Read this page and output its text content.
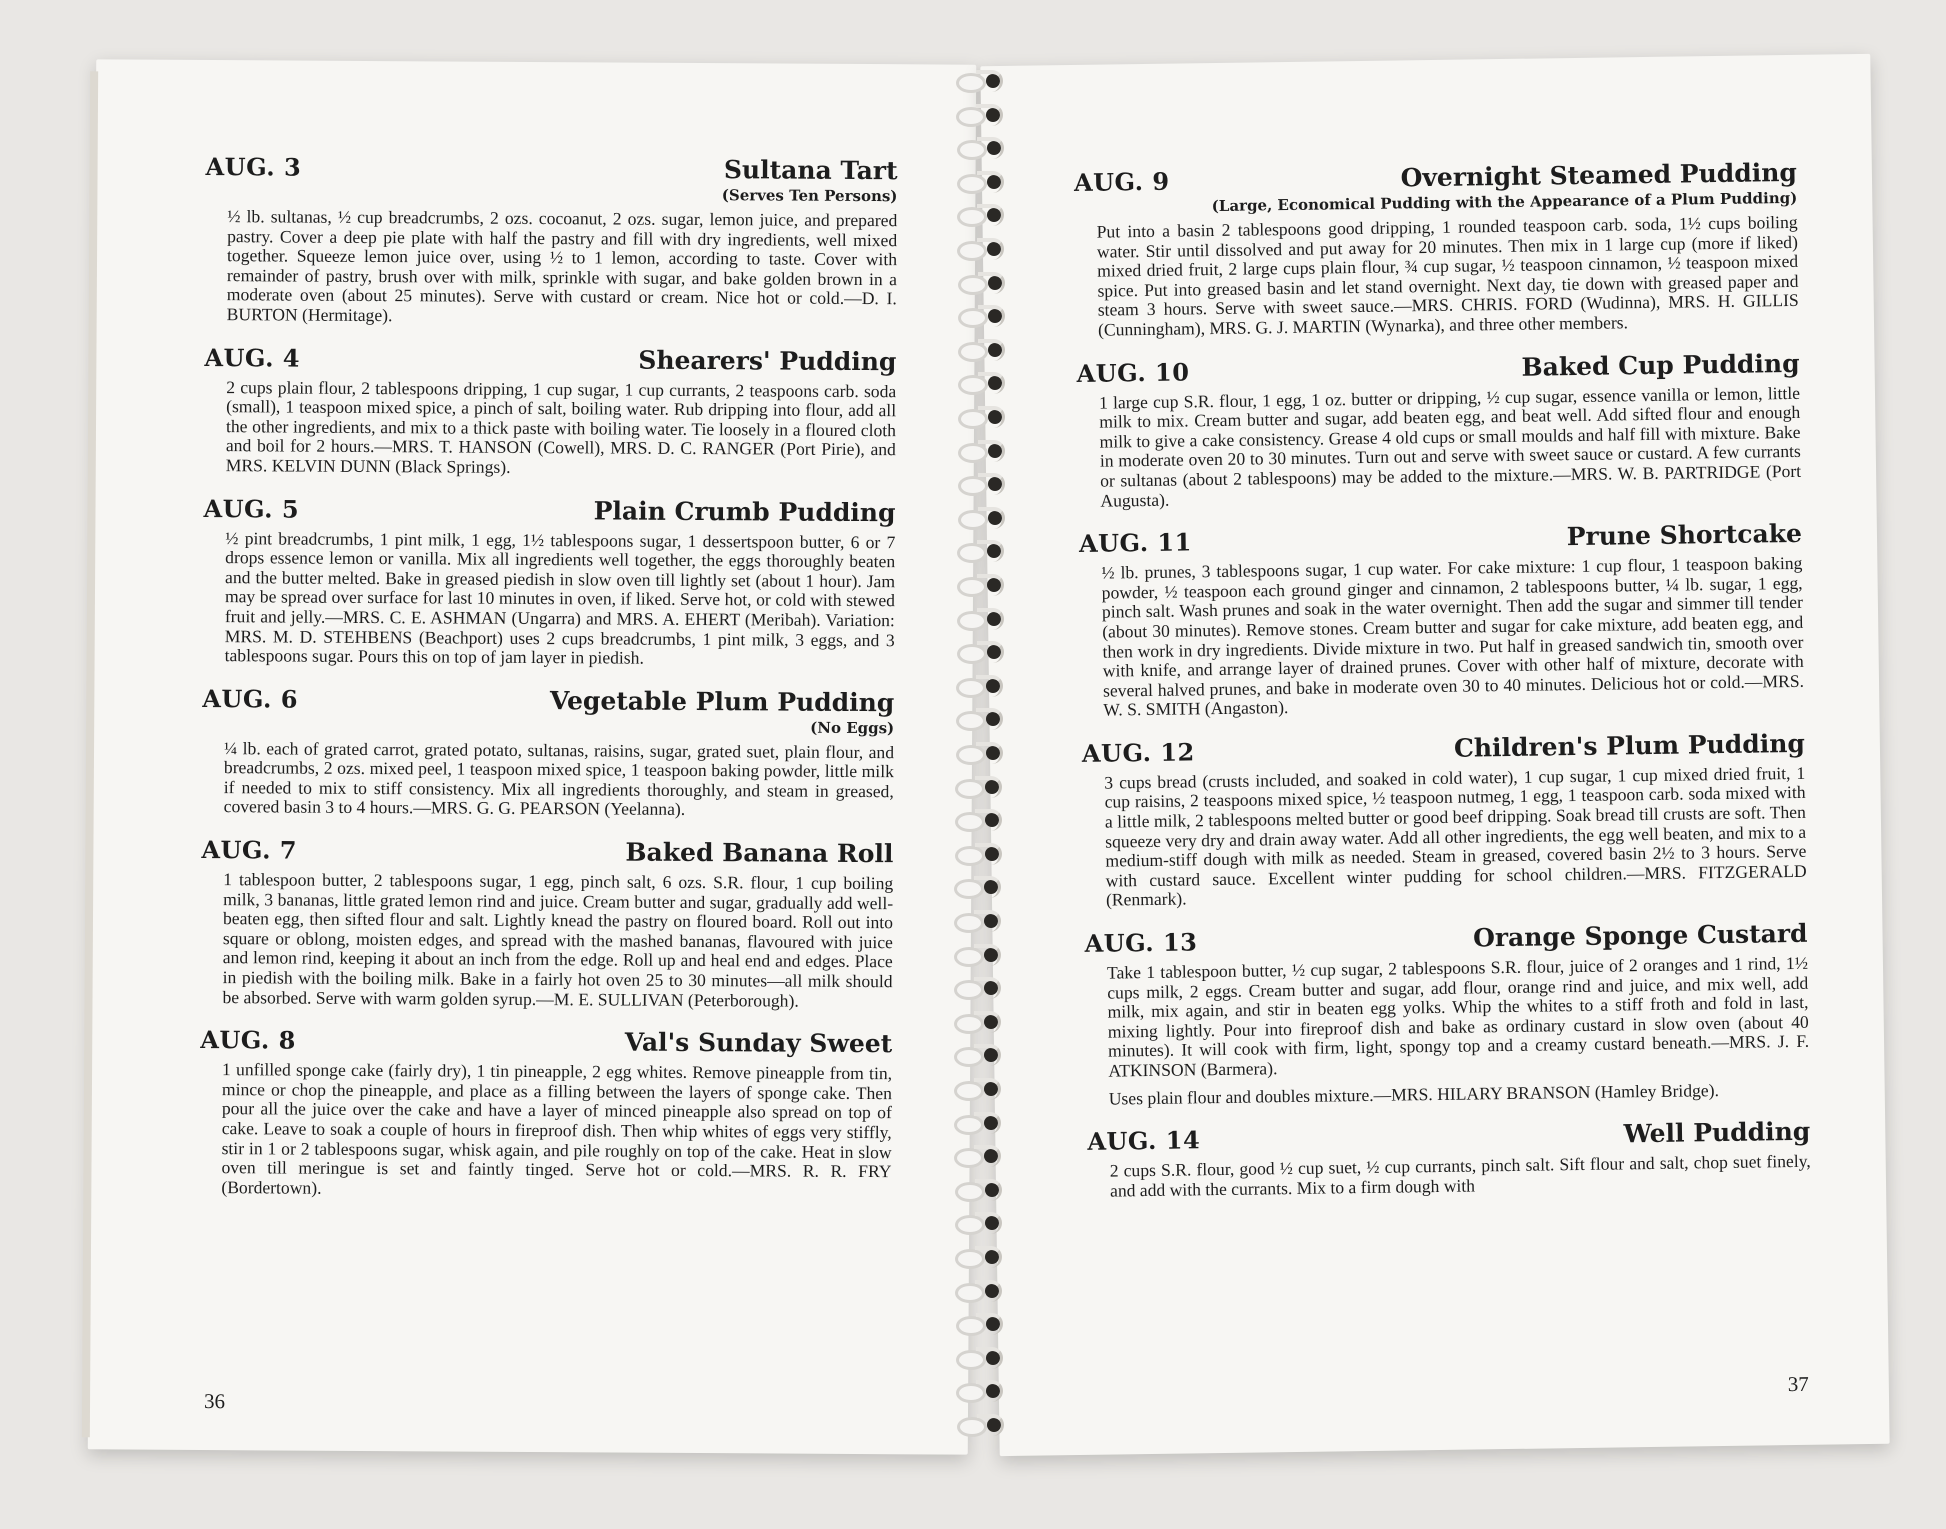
AUG. 3	Sultana Tart
(Serves Ten Persons)
½ lb. sultanas, ½ cup breadcrumbs, 2 ozs. cocoanut, 2 ozs. sugar, lemon juice, and prepared pastry. Cover a deep pie plate with half the pastry and fill with dry ingredients, well mixed together. Squeeze lemon juice over, using ½ to 1 lemon, according to taste. Cover with remainder of pastry, brush over with milk, sprinkle with sugar, and bake golden brown in a moderate oven (about 25 minutes). Serve with custard or cream. Nice hot or cold.—D. I. BURTON (Hermitage).
AUG. 4	Shearers' Pudding
2 cups plain flour, 2 tablespoons dripping, 1 cup sugar, 1 cup currants, 2 teaspoons carb. soda (small), 1 teaspoon mixed spice, a pinch of salt, boiling water. Rub dripping into flour, add all the other ingredients, and mix to a thick paste with boiling water. Tie loosely in a floured cloth and boil for 2 hours.—MRS. T. HANSON (Cowell), MRS. D. C. RANGER (Port Pirie), and MRS. KELVIN DUNN (Black Springs).
AUG. 5	Plain Crumb Pudding
½ pint breadcrumbs, 1 pint milk, 1 egg, 1½ tablespoons sugar, 1 dessertspoon butter, 6 or 7 drops essence lemon or vanilla. Mix all ingredients well together, the eggs thoroughly beaten and the butter melted. Bake in greased piedish in slow oven till lightly set (about 1 hour). Jam may be spread over surface for last 10 minutes in oven, if liked. Serve hot, or cold with stewed fruit and jelly.—MRS. C. E. ASHMAN (Ungarra) and MRS. A. EHERT (Meribah). Variation: MRS. M. D. STEHBENS (Beachport) uses 2 cups breadcrumbs, 1 pint milk, 3 eggs, and 3 tablespoons sugar. Pours this on top of jam layer in piedish.
AUG. 6	Vegetable Plum Pudding
(No Eggs)
¼ lb. each of grated carrot, grated potato, sultanas, raisins, sugar, grated suet, plain flour, and breadcrumbs, 2 ozs. mixed peel, 1 teaspoon mixed spice, 1 teaspoon baking powder, little milk if needed to mix to stiff consistency. Mix all ingredients thoroughly, and steam in greased, covered basin 3 to 4 hours.—MRS. G. G. PEARSON (Yeelanna).
AUG. 7	Baked Banana Roll
1 tablespoon butter, 2 tablespoons sugar, 1 egg, pinch salt, 6 ozs. S.R. flour, 1 cup boiling milk, 3 bananas, little grated lemon rind and juice. Cream butter and sugar, gradually add well-beaten egg, then sifted flour and salt. Lightly knead the pastry on floured board. Roll out into square or oblong, moisten edges, and spread with the mashed bananas, flavoured with juice and lemon rind, keeping it about an inch from the edge. Roll up and heal end and edges. Place in piedish with the boiling milk. Bake in a fairly hot oven 25 to 30 minutes—all milk should be absorbed. Serve with warm golden syrup.—M. E. SULLIVAN (Peterborough).
AUG. 8	Val's Sunday Sweet
1 unfilled sponge cake (fairly dry), 1 tin pineapple, 2 egg whites. Remove pineapple from tin, mince or chop the pineapple, and place as a filling between the layers of sponge cake. Then pour all the juice over the cake and have a layer of minced pineapple also spread on top of cake. Leave to soak a couple of hours in fireproof dish. Then whip whites of eggs very stiffly, stir in 1 or 2 tablespoons sugar, whisk again, and pile roughly on top of the cake. Heat in slow oven till meringue is set and faintly tinged. Serve hot or cold.—MRS. R. R. FRY (Bordertown).
36
AUG. 9	Overnight Steamed Pudding
(Large, Economical Pudding with the Appearance of a Plum Pudding)
Put into a basin 2 tablespoons good dripping, 1 rounded teaspoon carb. soda, 1½ cups boiling water. Stir until dissolved and put away for 20 minutes. Then mix in 1 large cup (more if liked) mixed dried fruit, 2 large cups plain flour, ¾ cup sugar, ½ teaspoon cinnamon, ½ teaspoon mixed spice. Put into greased basin and let stand overnight. Next day, tie down with greased paper and steam 3 hours. Serve with sweet sauce.—MRS. CHRIS. FORD (Wudinna), MRS. H. GILLIS (Cunningham), MRS. G. J. MARTIN (Wynarka), and three other members.
AUG. 10	Baked Cup Pudding
1 large cup S.R. flour, 1 egg, 1 oz. butter or dripping, ½ cup sugar, essence vanilla or lemon, little milk to mix. Cream butter and sugar, add beaten egg, and beat well. Add sifted flour and enough milk to give a cake consistency. Grease 4 old cups or small moulds and half fill with mixture. Bake in moderate oven 20 to 30 minutes. Turn out and serve with sweet sauce or custard. A few currants or sultanas (about 2 tablespoons) may be added to the mixture.—MRS. W. B. PARTRIDGE (Port Augusta).
AUG. 11	Prune Shortcake
½ lb. prunes, 3 tablespoons sugar, 1 cup water. For cake mixture: 1 cup flour, 1 teaspoon baking powder, ½ teaspoon each ground ginger and cinnamon, 2 tablespoons butter, ¼ lb. sugar, 1 egg, pinch salt. Wash prunes and soak in the water overnight. Then add the sugar and simmer till tender (about 30 minutes). Remove stones. Cream butter and sugar for cake mixture, add beaten egg, and then work in dry ingredients. Divide mixture in two. Put half in greased sandwich tin, smooth over with knife, and arrange layer of drained prunes. Cover with other half of mixture, decorate with several halved prunes, and bake in moderate oven 30 to 40 minutes. Delicious hot or cold.—MRS. W. S. SMITH (Angaston).
AUG. 12	Children's Plum Pudding
3 cups bread (crusts included, and soaked in cold water), 1 cup sugar, 1 cup mixed dried fruit, 1 cup raisins, 2 teaspoons mixed spice, ½ teaspoon nutmeg, 1 egg, 1 teaspoon carb. soda mixed with a little milk, 2 tablespoons melted butter or good beef dripping. Soak bread till crusts are soft. Then squeeze very dry and drain away water. Add all other ingredients, the egg well beaten, and mix to a medium-stiff dough with milk as needed. Steam in greased, covered basin 2½ to 3 hours. Serve with custard sauce. Excellent winter pudding for school children.—MRS. FITZGERALD (Renmark).
AUG. 13	Orange Sponge Custard
Take 1 tablespoon butter, ½ cup sugar, 2 tablespoons S.R. flour, juice of 2 oranges and 1 rind, 1½ cups milk, 2 eggs. Cream butter and sugar, add flour, orange rind and juice, and mix well, add milk, mix again, and stir in beaten egg yolks. Whip the whites to a stiff froth and fold in last, mixing lightly. Pour into fireproof dish and bake as ordinary custard in slow oven (about 40 minutes). It will cook with firm, light, spongy top and a creamy custard beneath.—MRS. J. F. ATKINSON (Barmera).
Uses plain flour and doubles mixture.—MRS. HILARY BRANSON (Hamley Bridge).
AUG. 14	Well Pudding
2 cups S.R. flour, good ½ cup suet, ½ cup currants, pinch salt. Sift flour and salt, chop suet finely, and add with the currants. Mix to a firm dough with
37
